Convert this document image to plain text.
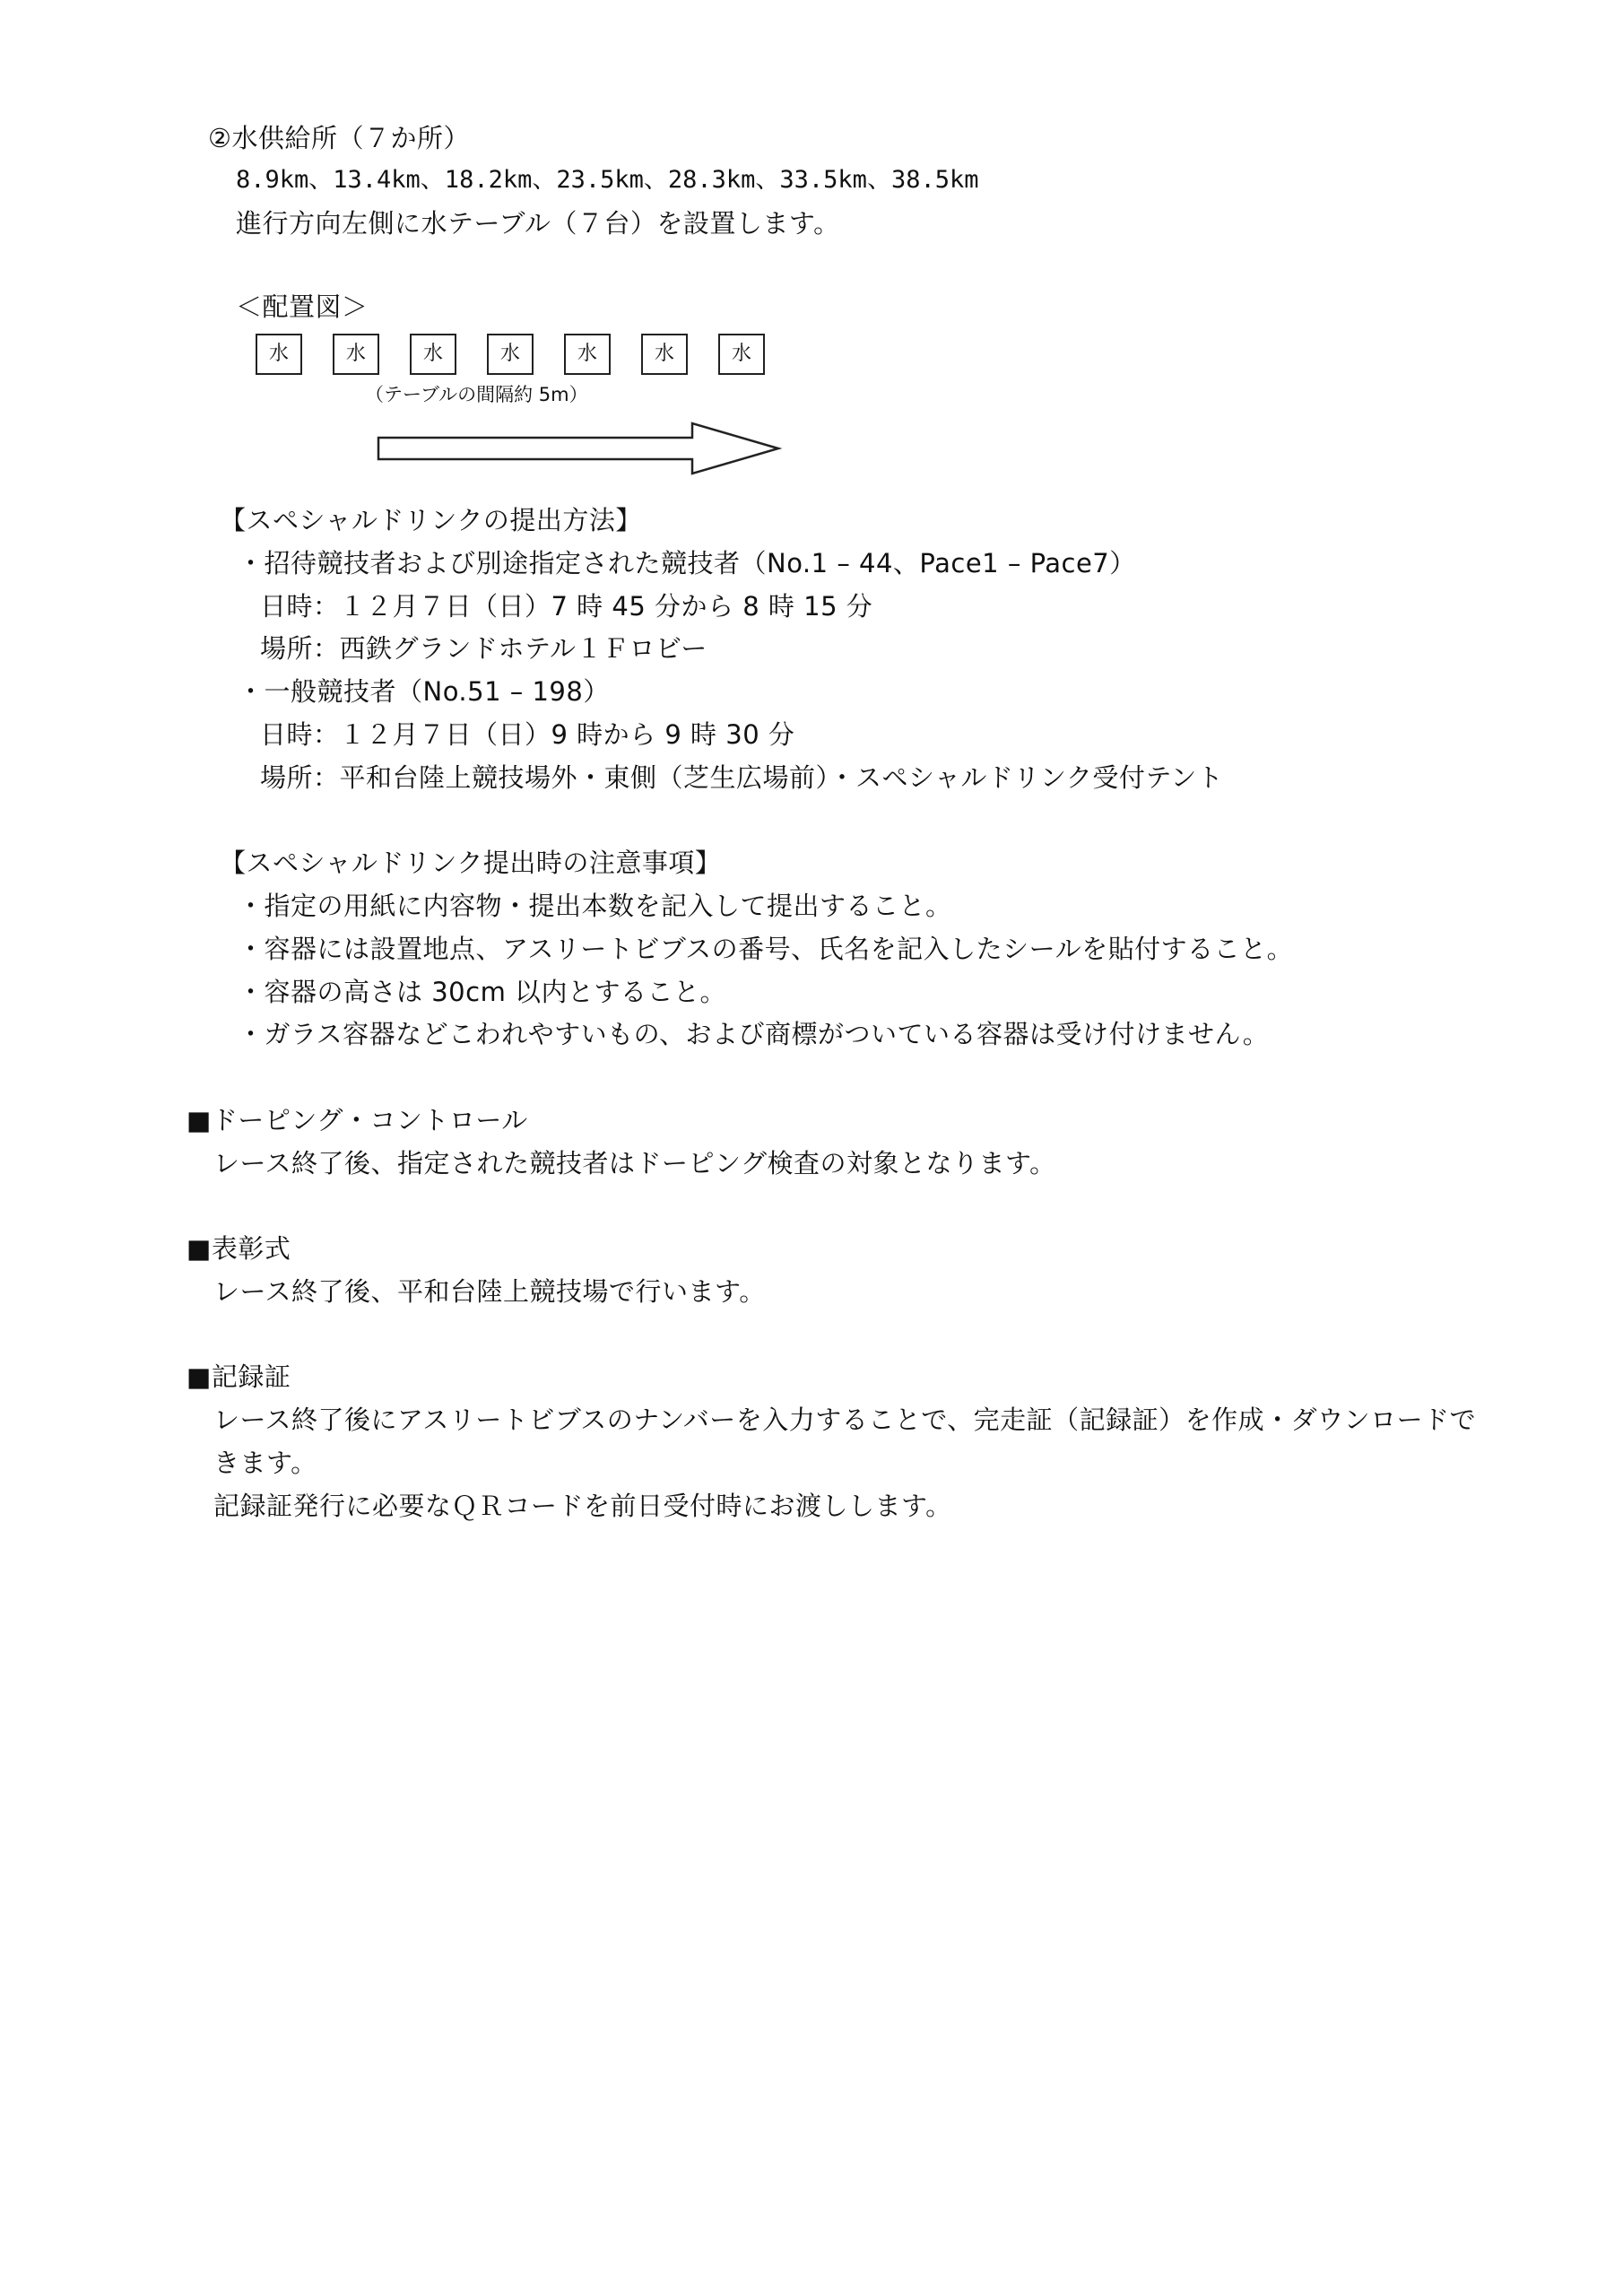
②水供給所（７か所）
8.9km、13.4km、18.2km、23.5km、28.3km、33.5km、38.5km
進行方向左側に水テーブル（７台）を設置します。
＜配置図＞
水	水	水	水	水	水	水
（テーブルの間隔約 5m）
【スペシャルドリンクの提出方法】
・招待競技者および別途指定された競技者（No.1 – 44、Pace1 – Pace7）
日時：１２月７日（日）7 時 45 分から 8 時 15 分
場所：西鉄グランドホテル１Ｆロビー
・一般競技者（No.51 – 198）
日時：１２月７日（日）9 時から 9 時 30 分
場所：平和台陸上競技場外・東側（芝生広場前）・スペシャルドリンク受付テント
【スペシャルドリンク提出時の注意事項】
・指定の用紙に内容物・提出本数を記入して提出すること。
・容器には設置地点、アスリートビブスの番号、氏名を記入したシールを貼付すること。
・容器の高さは 30cm 以内とすること。
・ガラス容器などこわれやすいもの、および商標がついている容器は受け付けません。
■ドーピング・コントロール
レース終了後、指定された競技者はドーピング検査の対象となります。
■表彰式
レース終了後、平和台陸上競技場で行います。
■記録証
レース終了後にアスリートビブスのナンバーを入力することで、完走証（記録証）を作成・ダウンロードで
きます。
記録証発行に必要なＱＲコードを前日受付時にお渡しします。
